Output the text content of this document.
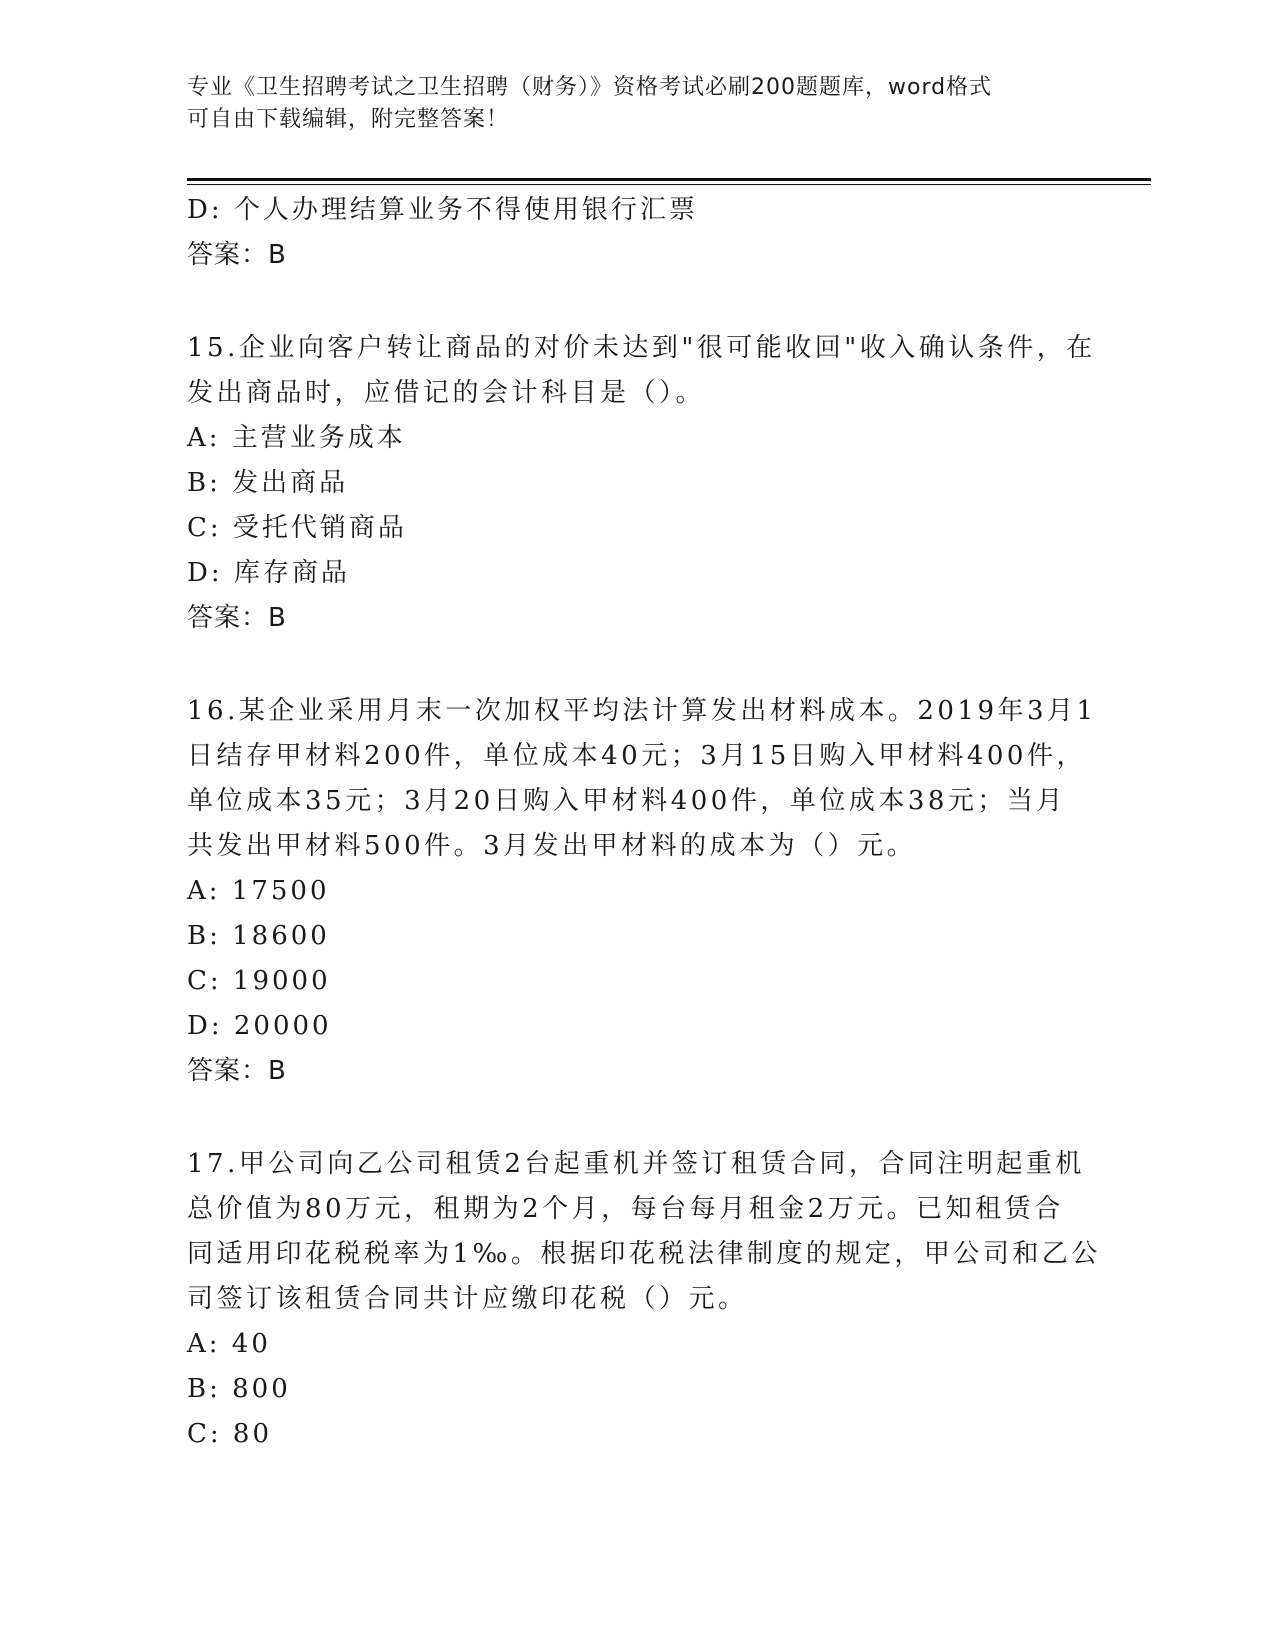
专业《卫生招聘考试之卫生招聘（财务）》资格考试必刷200题题库，word格式
可自由下载编辑，附完整答案！
D: 个人办理结算业务不得使用银行汇票
答案：B
15.企业向客户转让商品的对价未达到"很可能收回"收入确认条件，在
发出商品时，应借记的会计科目是（）。
A: 主营业务成本
B: 发出商品
C: 受托代销商品
D: 库存商品
答案：B
16.某企业采用月末一次加权平均法计算发出材料成本。2019年3月1
日结存甲材料200件，单位成本40元；3月15日购入甲材料400件，
单位成本35元；3月20日购入甲材料400件，单位成本38元；当月
共发出甲材料500件。3月发出甲材料的成本为（）元。
A: 17500
B: 18600
C: 19000
D: 20000
答案：B
17.甲公司向乙公司租赁2台起重机并签订租赁合同，合同注明起重机
总价值为80万元，租期为2个月，每台每月租金2万元。已知租赁合
同适用印花税税率为1‰。根据印花税法律制度的规定，甲公司和乙公
司签订该租赁合同共计应缴印花税（）元。
A: 40
B: 800
C: 80
